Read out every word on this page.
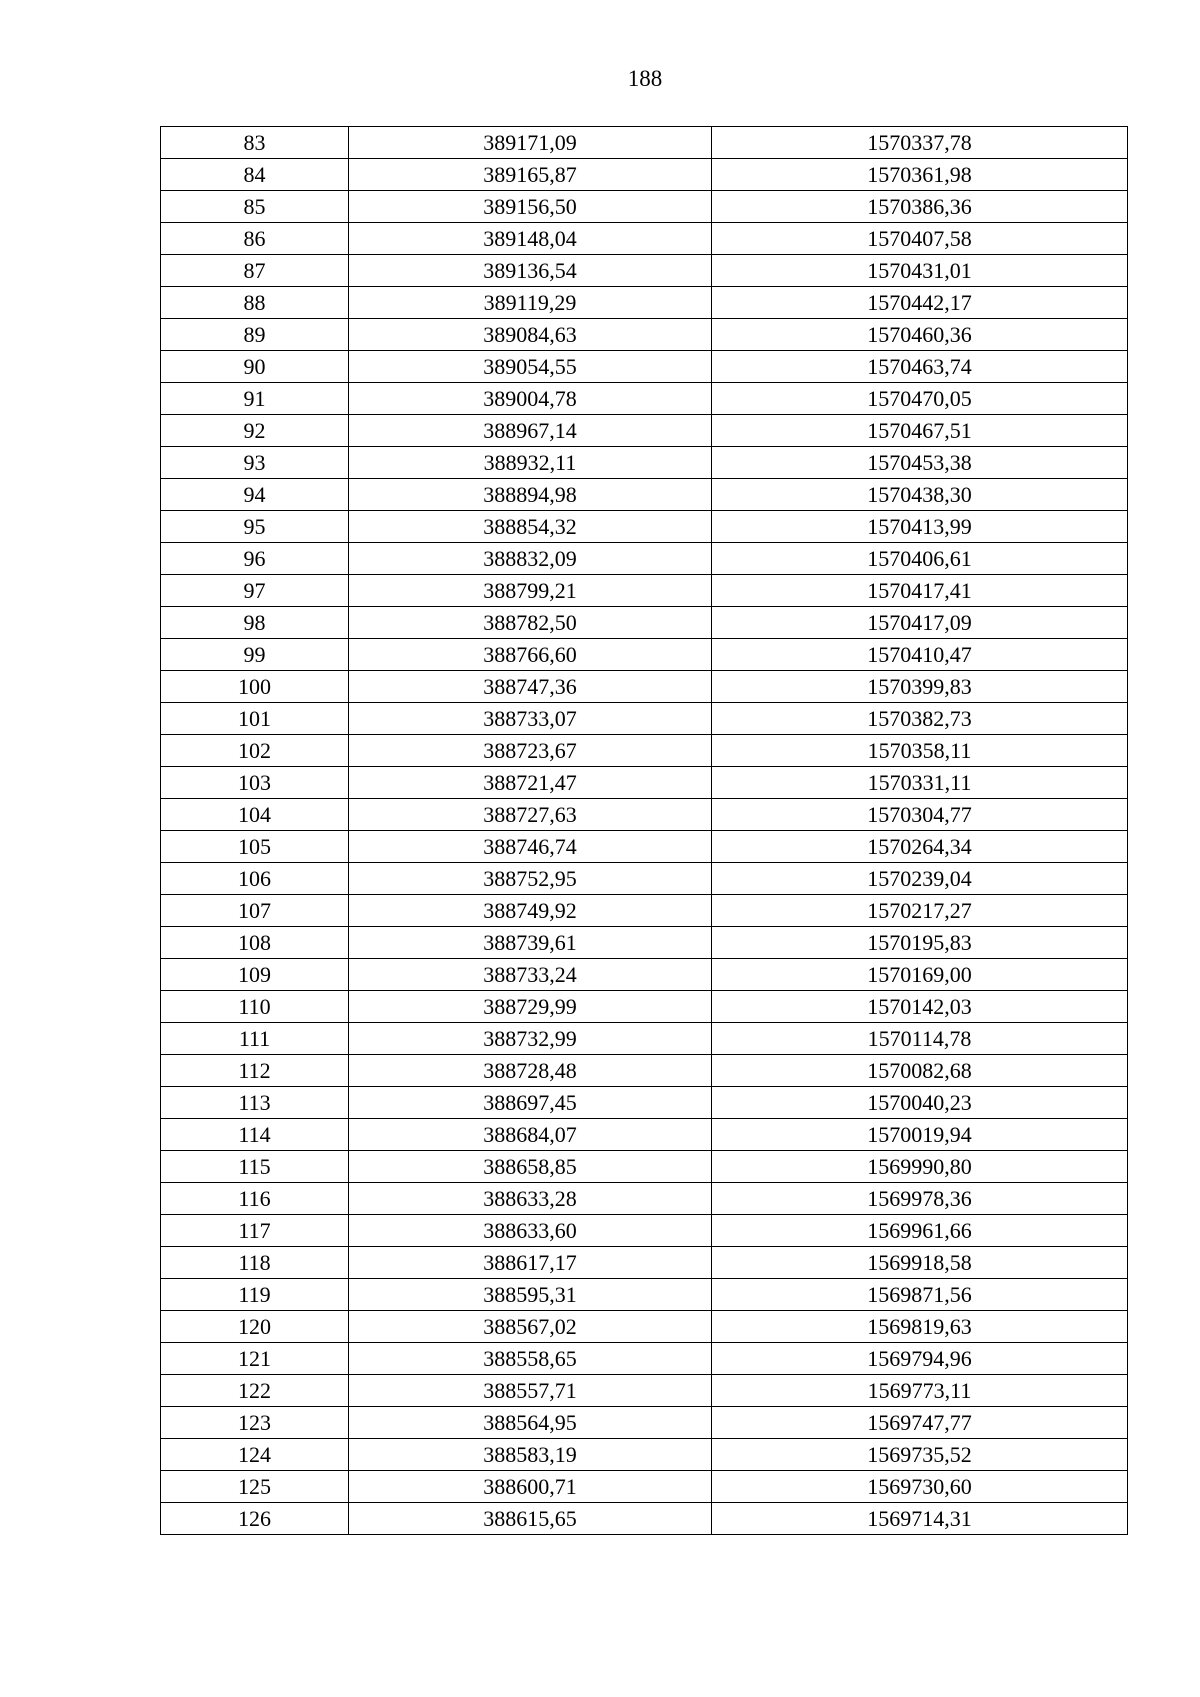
188
83	389171,09	1570337,78
84	389165,87	1570361,98
85	389156,50	1570386,36
86	389148,04	1570407,58
87	389136,54	1570431,01
88	389119,29	1570442,17
89	389084,63	1570460,36
90	389054,55	1570463,74
91	389004,78	1570470,05
92	388967,14	1570467,51
93	388932,11	1570453,38
94	388894,98	1570438,30
95	388854,32	1570413,99
96	388832,09	1570406,61
97	388799,21	1570417,41
98	388782,50	1570417,09
99	388766,60	1570410,47
100	388747,36	1570399,83
101	388733,07	1570382,73
102	388723,67	1570358,11
103	388721,47	1570331,11
104	388727,63	1570304,77
105	388746,74	1570264,34
106	388752,95	1570239,04
107	388749,92	1570217,27
108	388739,61	1570195,83
109	388733,24	1570169,00
110	388729,99	1570142,03
111	388732,99	1570114,78
112	388728,48	1570082,68
113	388697,45	1570040,23
114	388684,07	1570019,94
115	388658,85	1569990,80
116	388633,28	1569978,36
117	388633,60	1569961,66
118	388617,17	1569918,58
119	388595,31	1569871,56
120	388567,02	1569819,63
121	388558,65	1569794,96
122	388557,71	1569773,11
123	388564,95	1569747,77
124	388583,19	1569735,52
125	388600,71	1569730,60
126	388615,65	1569714,31
